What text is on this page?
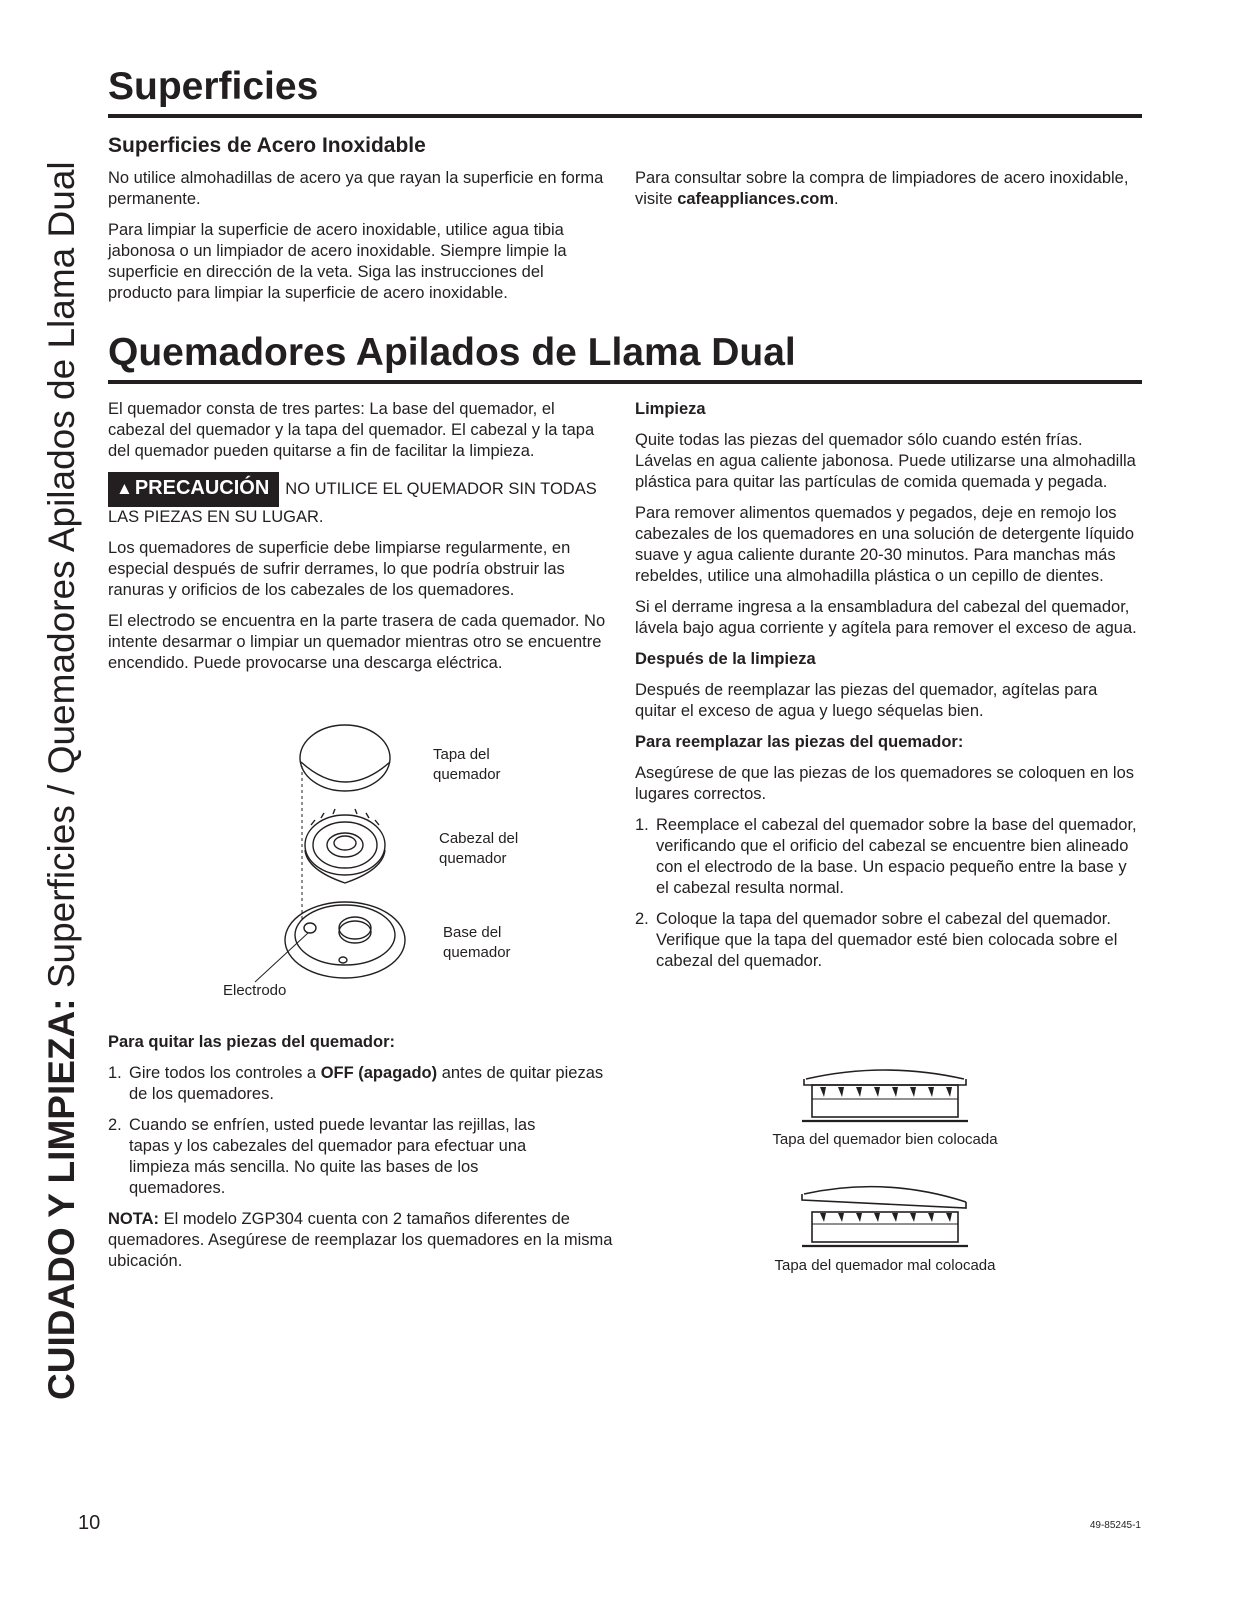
CUIDADO Y LIMPIEZA: Superficies / Quemadores Apilados de Llama Dual
Superficies
Superficies de Acero Inoxidable

No utilice almohadillas de acero ya que rayan la superficie en forma permanente.

Para limpiar la superficie de acero inoxidable, utilice agua tibia jabonosa o un limpiador de acero inoxidable. Siempre limpie la superficie en dirección de la veta. Siga las instrucciones del producto para limpiar la superficie de acero inoxidable.

Para consultar sobre la compra de limpiadores de acero inoxidable, visite cafeappliances.com.

Quemadores Apilados de Llama Dual

El quemador consta de tres partes: La base del quemador, el cabezal del quemador y la tapa del quemador. El cabezal y la tapa del quemador pueden quitarse a fin de facilitar la limpieza.

▲ PRECAUCIÓN NO UTILICE EL QUEMADOR SIN TODAS LAS PIEZAS EN SU LUGAR.

Los quemadores de superficie debe limpiarse regularmente, en especial después de sufrir derrames, lo que podría obstruir las ranuras y orificios de los cabezales de los quemadores.

El electrodo se encuentra en la parte trasera de cada quemador. No intente desarmar o limpiar un quemador mientras otro se encuentre encendido. Puede provocarse una descarga eléctrica.

Tapa del
quemador
Cabezal del
quemador
Base del
quemador
Electrodo

Para quitar las piezas del quemador:

1. Gire todos los controles a OFF (apagado) antes de quitar piezas de los quemadores.
2. Cuando se enfríen, usted puede levantar las rejillas, las tapas y los cabezales del quemador para efectuar una limpieza más sencilla. No quite las bases de los quemadores.

NOTA: El modelo ZGP304 cuenta con 2 tamaños diferentes de quemadores. Asegúrese de reemplazar los quemadores en la misma ubicación.

Limpieza

Quite todas las piezas del quemador sólo cuando estén frías. Lávelas en agua caliente jabonosa. Puede utilizarse una almohadilla plástica para quitar las partículas de comida quemada y pegada.

Para remover alimentos quemados y pegados, deje en remojo los cabezales de los quemadores en una solución de detergente líquido suave y agua caliente durante 20-30 minutos. Para manchas más rebeldes, utilice una almohadilla plástica o un cepillo de dientes.

Si el derrame ingresa a la ensambladura del cabezal del quemador, lávela bajo agua corriente y agítela para remover el exceso de agua.

Después de la limpieza

Después de reemplazar las piezas del quemador, agítelas para quitar el exceso de agua y luego séquelas bien.

Para reemplazar las piezas del quemador:

Asegúrese de que las piezas de los quemadores se coloquen en los lugares correctos.

1. Reemplace el cabezal del quemador sobre la base del quemador, verificando que el orificio del cabezal se encuentre bien alineado con el electrodo de la base. Un espacio pequeño entre la base y el cabezal resulta normal.
2. Coloque la tapa del quemador sobre el cabezal del quemador. Verifique que la tapa del quemador esté bien colocada sobre el cabezal del quemador.
Tapa del quemador bien colocada
Tapa del quemador mal colocada
10	49-85245-1
